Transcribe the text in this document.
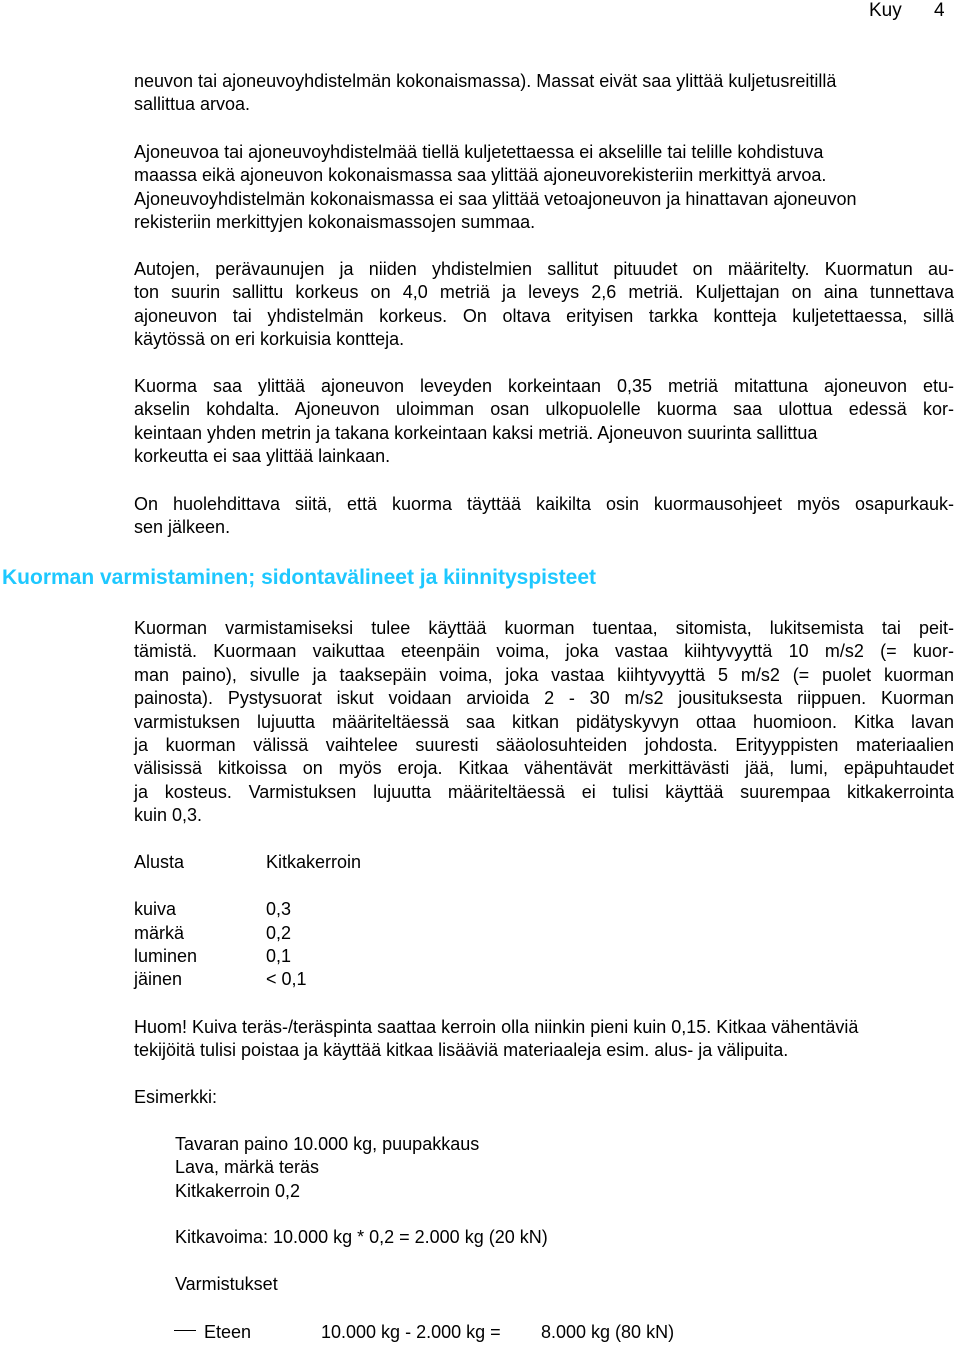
Kuy 4
neuvon tai ajoneuvoyhdistelmän kokonaismassa). Massat eivät saa ylittää kuljetusreitillä
sallittua arvoa.
Ajoneuvoa tai ajoneuvoyhdistelmää tiellä kuljetettaessa ei akselille tai telille kohdistuva
maassa eikä ajoneuvon kokonaismassa saa ylittää ajoneuvorekisteriin merkittyä arvoa.
Ajoneuvoyhdistelmän kokonaismassa ei saa ylittää vetoajoneuvon ja hinattavan ajoneuvon
rekisteriin merkittyjen kokonaismassojen summaa.
Autojen, perävaunujen ja niiden yhdistelmien sallitut pituudet on määritelty. Kuormatun au-
ton suurin sallittu korkeus on 4,0 metriä ja leveys 2,6 metriä. Kuljettajan on aina tunnettava
ajoneuvon tai yhdistelmän korkeus. On oltava erityisen tarkka kontteja kuljetettaessa, sillä
käytössä on eri korkuisia kontteja.
Kuorma saa ylittää ajoneuvon leveyden korkeintaan 0,35 metriä mitattuna ajoneuvon etu-
akselin kohdalta. Ajoneuvon uloimman osan ulkopuolelle kuorma saa ulottua edessä kor-
keintaan yhden metrin ja takana korkeintaan kaksi metriä. Ajoneuvon suurinta sallittua
korkeutta ei saa ylittää lainkaan.
On huolehdittava siitä, että kuorma täyttää kaikilta osin kuormausohjeet myös osapurkauk-
sen jälkeen.
Kuorman varmistaminen; sidontavälineet ja kiinnityspisteet
Kuorman varmistamiseksi tulee käyttää kuorman tuentaa, sitomista, lukitsemista tai peit-
tämistä. Kuormaan vaikuttaa eteenpäin voima, joka vastaa kiihtyvyyttä 10 m/s2 (= kuor-
man paino), sivulle ja taaksepäin voima, joka vastaa kiihtyvyyttä 5 m/s2 (= puolet kuorman
painosta). Pystysuorat iskut voidaan arvioida 2 - 30 m/s2 jousituksesta riippuen. Kuorman
varmistuksen lujuutta määriteltäessä saa kitkan pidätyskyvyn ottaa huomioon. Kitka lavan
ja kuorman välissä vaihtelee suuresti sääolosuhteiden johdosta. Erityyppisten materiaalien
välisissä kitkoissa on myös eroja. Kitkaa vähentävät merkittävästi jää, lumi, epäpuhtaudet
ja kosteus. Varmistuksen lujuutta määriteltäessä ei tulisi käyttää suurempaa kitkakerrointa
kuin 0,3.
Alusta	Kitkakerroin
kuiva	0,3
märkä	0,2
luminen	0,1
jäinen	< 0,1
Huom! Kuiva teräs-/teräspinta saattaa kerroin olla niinkin pieni kuin 0,15. Kitkaa vähentäviä
tekijöitä tulisi poistaa ja käyttää kitkaa lisääviä materiaaleja esim. alus- ja välipuita.
Esimerkki:
Tavaran paino 10.000 kg, puupakkaus
Lava, märkä teräs
Kitkakerroin 0,2
Kitkavoima: 10.000 kg * 0,2 = 2.000 kg (20 kN)
Varmistukset
Eteen	10.000 kg - 2.000 kg = 8.000 kg (80 kN)
